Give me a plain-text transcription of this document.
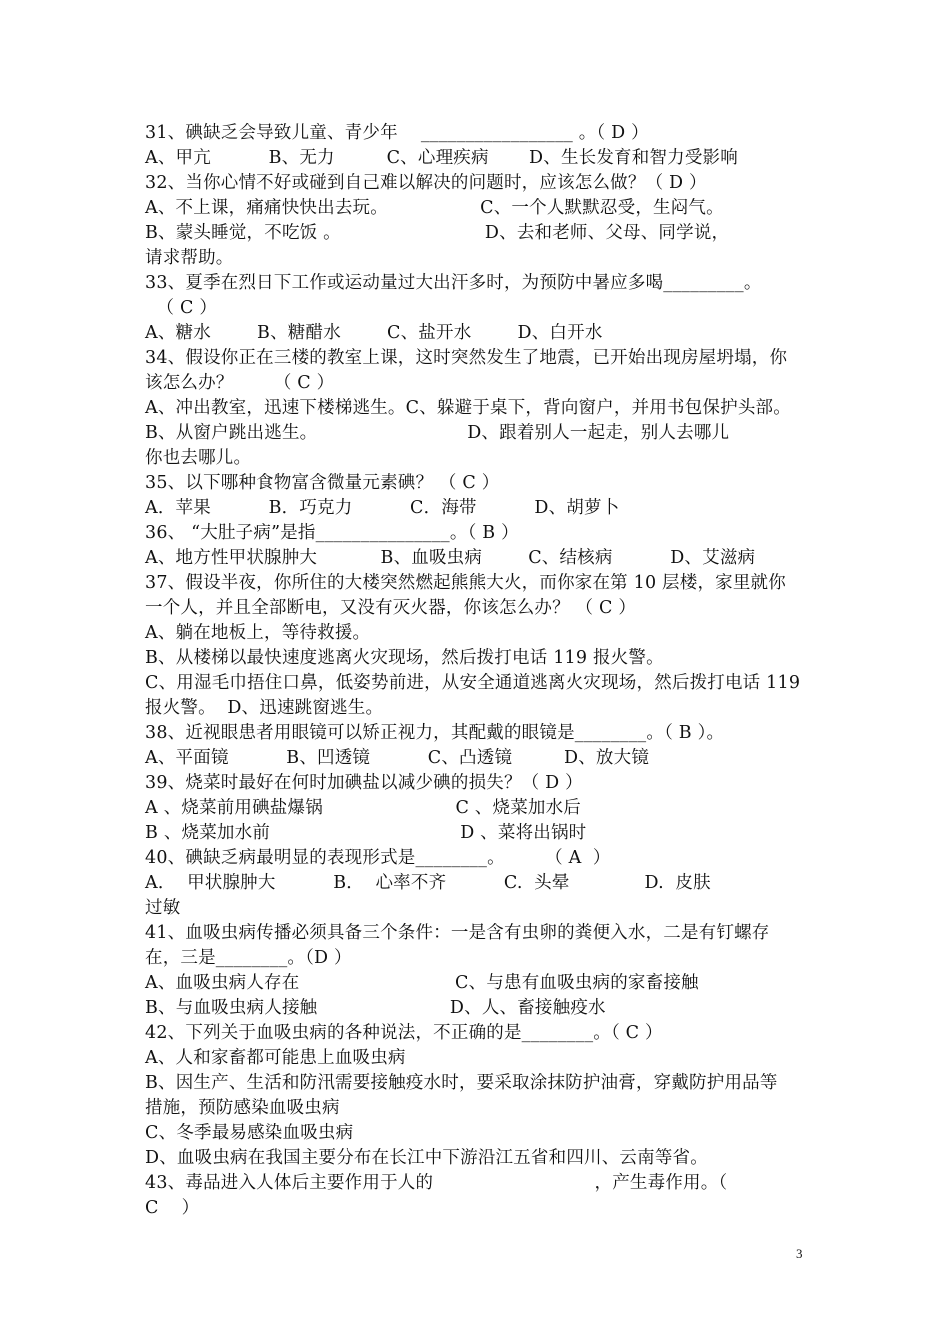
31、碘缺乏会导致儿童、青少年    _________________ 。（ D ）
A、甲亢          B、无力         C、心理疾病       D、生长发育和智力受影响
32、当你心情不好或碰到自己难以解决的问题时，应该怎么做？（ D ）
A、不上课，痛痛快快出去玩。                C、一个人默默忍受，生闷气。
B、蒙头睡觉，不吃饭 。                         D、去和老师、父母、同学说，
请求帮助。
33、夏季在烈日下工作或运动量过大出汗多时，为预防中暑应多喝_________。
（ C ）
A、糖水        B、糖醋水        C、盐开水        D、白开水
34、假设你正在三楼的教室上课，这时突然发生了地震，已开始出现房屋坍塌，你
该怎么办？       （ C ）
A、冲出教室，迅速下楼梯逃生。C、躲避于桌下，背向窗户，并用书包保护头部。
B、从窗户跳出逃生。                          D、跟着别人一起走，别人去哪儿
你也去哪儿。
35、以下哪种食物富含微量元素碘？ （ C ）
A．苹果          B．巧克力          C．海带          D、胡萝卜
36、 “大肚子病”是指_______________。（ B ）
A、地方性甲状腺肿大           B、血吸虫病        C、结核病          D、艾滋病
37、假设半夜，你所住的大楼突然燃起熊熊大火，而你家在第 10 层楼，家里就你
一个人，并且全部断电，又没有灭火器，你该怎么办？ （ C ）
A、躺在地板上，等待救援。
B、从楼梯以最快速度逃离火灾现场，然后拨打电话 119 报火警。
C、用湿毛巾捂住口鼻，低姿势前进，从安全通道逃离火灾现场，然后拨打电话 119
报火警。  D、迅速跳窗逃生。
38、近视眼患者用眼镜可以矫正视力，其配戴的眼镜是________。（ B ）。
A、平面镜          B、凹透镜          C、凸透镜         D、放大镜
39、烧菜时最好在何时加碘盐以减少碘的损失？（ D ）
A 、烧菜前用碘盐爆锅                       C 、烧菜加水后
B 、烧菜加水前                                 D 、菜将出锅时
40、碘缺乏病最明显的表现形式是________。       （ A  ）
A．  甲状腺肿大          B．  心率不齐          C.  头晕             D.  皮肤
过敏
41、血吸虫病传播必须具备三个条件：一是含有虫卵的粪便入水，二是有钉螺存
在，三是________。（D ）
A、血吸虫病人存在                           C、与患有血吸虫病的家畜接触
B、与血吸虫病人接触                       D、人、畜接触疫水
42、下列关于血吸虫病的各种说法，不正确的是________。（ C ）
A、人和家畜都可能患上血吸虫病
B、因生产、生活和防汛需要接触疫水时，要采取涂抹防护油膏，穿戴防护用品等
措施，预防感染血吸虫病
C、冬季最易感染血吸虫病
D、血吸虫病在我国主要分布在长江中下游沿江五省和四川、云南等省。
43、毒品进入人体后主要作用于人的                            ，产生毒作用。（
C    ）
3
